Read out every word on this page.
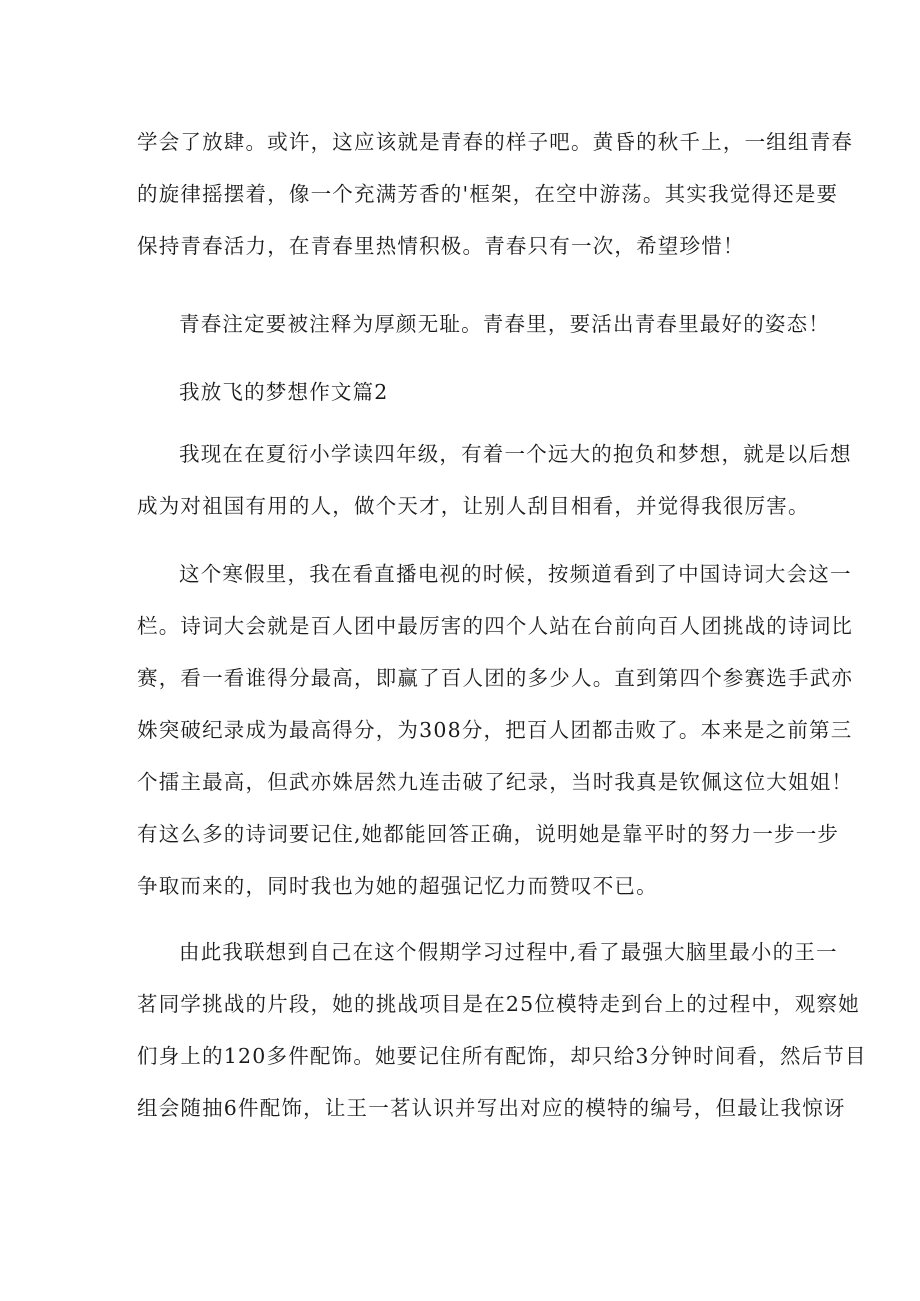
学会了放肆。或许，这应该就是青春的样子吧。黄昏的秋千上，一组组青春
的旋律摇摆着，像一个充满芳香的'框架，在空中游荡。其实我觉得还是要
保持青春活力，在青春里热情积极。青春只有一次，希望珍惜！

青春注定要被注释为厚颜无耻。青春里，要活出青春里最好的姿态！

我放飞的梦想作文篇2

我现在在夏衍小学读四年级，有着一个远大的抱负和梦想，就是以后想
成为对祖国有用的人，做个天才，让别人刮目相看，并觉得我很厉害。

这个寒假里，我在看直播电视的时候，按频道看到了中国诗词大会这一
栏。诗词大会就是百人团中最厉害的四个人站在台前向百人团挑战的诗词比
赛，看一看谁得分最高，即赢了百人团的多少人。直到第四个参赛选手武亦
姝突破纪录成为最高得分，为308分，把百人团都击败了。本来是之前第三
个擂主最高，但武亦姝居然九连击破了纪录，当时我真是钦佩这位大姐姐！
有这么多的诗词要记住,她都能回答正确，说明她是靠平时的努力一步一步
争取而来的，同时我也为她的超强记忆力而赞叹不已。

由此我联想到自己在这个假期学习过程中,看了最强大脑里最小的王一
茗同学挑战的片段，她的挑战项目是在25位模特走到台上的过程中，观察她
们身上的120多件配饰。她要记住所有配饰，却只给3分钟时间看，然后节目
组会随抽6件配饰，让王一茗认识并写出对应的模特的编号，但最让我惊讶
